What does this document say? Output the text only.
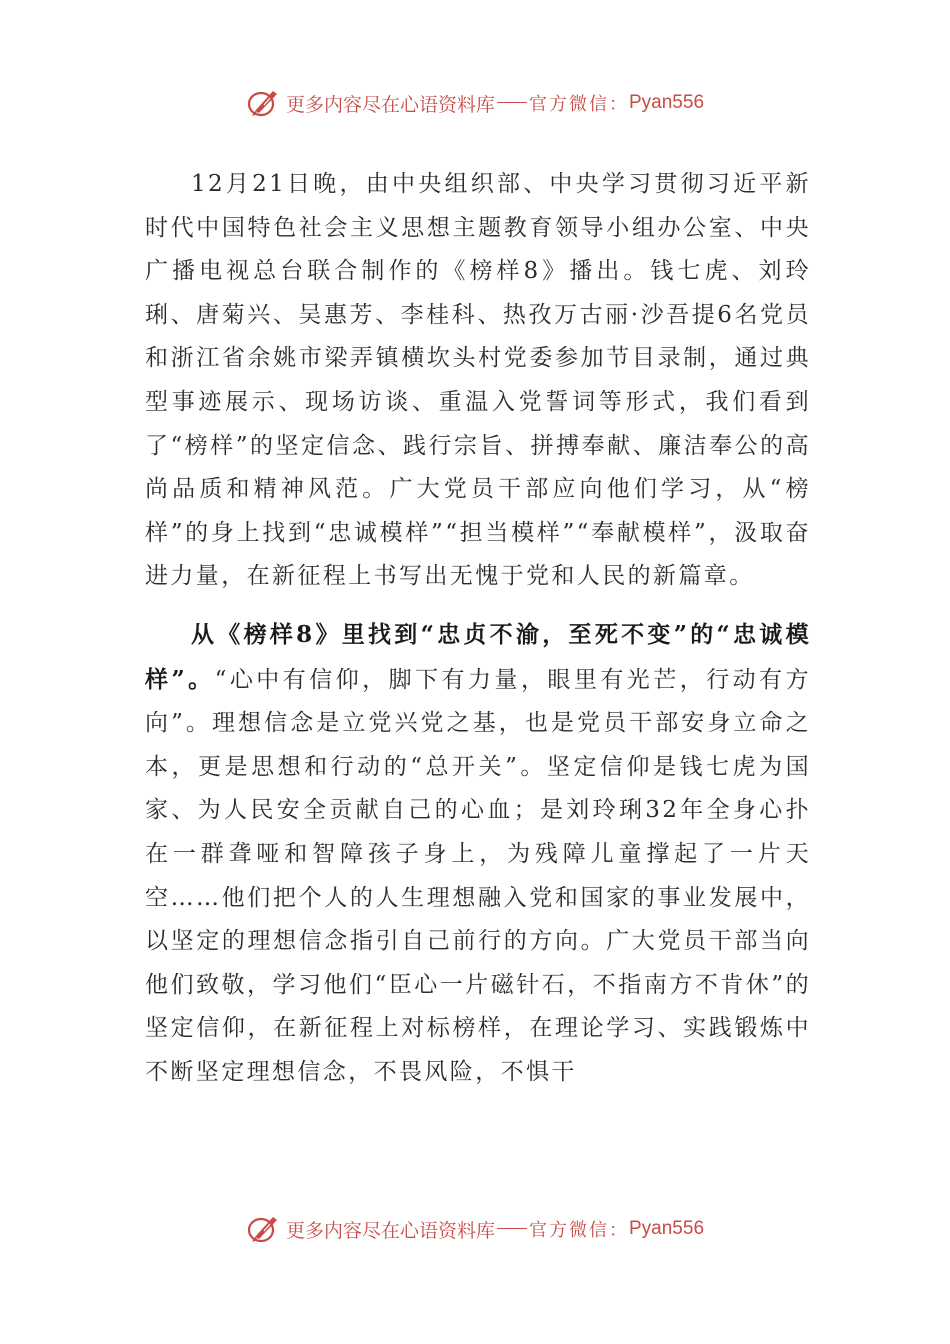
更多内容尽在心语资料库 官方微信： Pyan556

12月21日晚，由中央组织部、中央学习贯彻习近平新时代中国特色社会主义思想主题教育领导小组办公室、中央广播电视总台联合制作的《榜样8》播出。钱七虎、刘玲琍、唐菊兴、吴惠芳、李桂科、热孜万古丽·沙吾提6名党员和浙江省余姚市梁弄镇横坎头村党委参加节目录制，通过典型事迹展示、现场访谈、重温入党誓词等形式，我们看到了“榜样”的坚定信念、践行宗旨、拼搏奉献、廉洁奉公的高尚品质和精神风范。广大党员干部应向他们学习，从“榜样”的身上找到“忠诚模样”“担当模样”“奉献模样”，汲取奋进力量，在新征程上书写出无愧于党和人民的新篇章。

从《榜样8》里找到“忠贞不渝，至死不变”的“忠诚模样”。“心中有信仰，脚下有力量，眼里有光芒，行动有方向”。理想信念是立党兴党之基，也是党员干部安身立命之本，更是思想和行动的“总开关”。坚定信仰是钱七虎为国家、为人民安全贡献自己的心血；是刘玲琍32年全身心扑在一群聋哑和智障孩子身上，为残障儿童撑起了一片天空……他们把个人的人生理想融入党和国家的事业发展中，以坚定的理想信念指引自己前行的方向。广大党员干部当向他们致敬，学习他们“臣心一片磁针石，不指南方不肯休”的坚定信仰，在新征程上对标榜样，在理论学习、实践锻炼中不断坚定理想信念，不畏风险，不惧干

更多内容尽在心语资料库 官方微信： Pyan556
